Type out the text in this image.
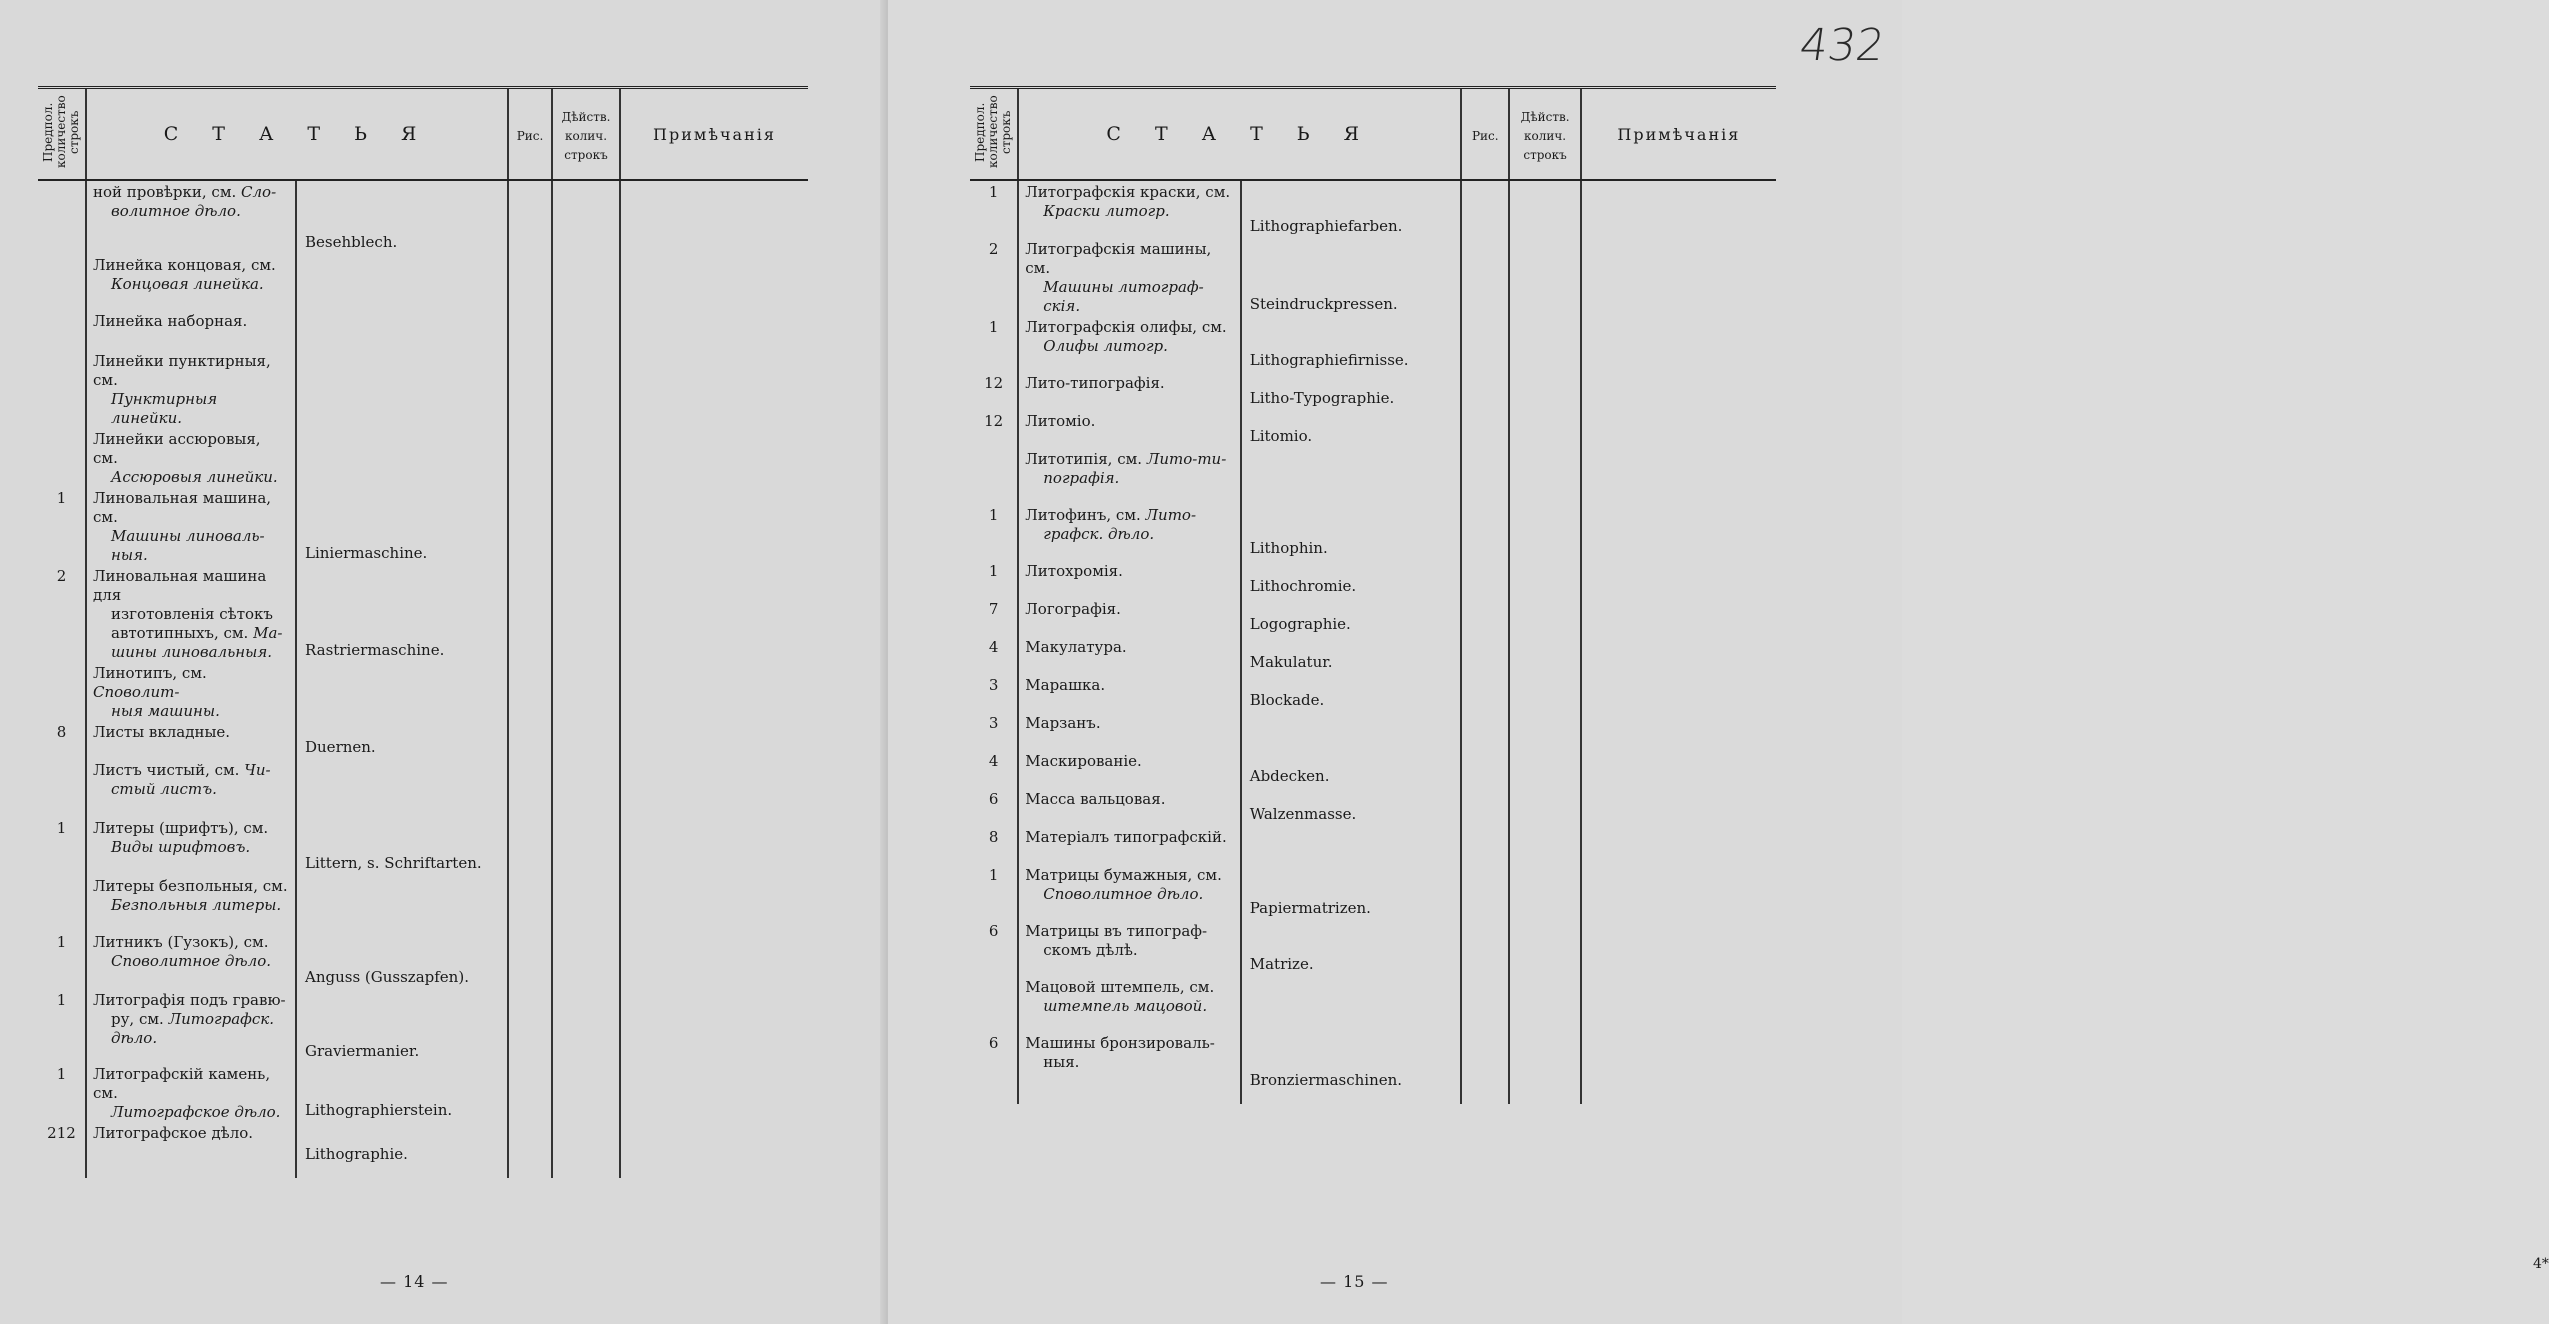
Предпол. количество строкъ	С Т А Т Ь Я		Рис.	Дѣйств. колич. строкъ	Примѣчанія

	ной провѣрки, см. Сло-
волитное дѣло.	Besehblech.			

	Линейка концовая, см.
Концовая линейка.				

	Линейка наборная.				

	Линейки пунктирныя, см.
Пунктирныя линейки.				

	Линейки ассюровыя, см.
Ассюровыя линейки.				

1	Линовальная машина, см.
Машины линоваль-
ныя.	Liniermaschine.			
2	Линовальная машина для
изготовленія сѣтокъ
автотипныхъ, см. Ма-
шины линовальныя.	Rastriermaschine.			

	Линотипъ, см. Споволит-
ныя машины.				

8	Листы вкладные.	Duernen.			

	Листъ чистый, см. Чи-
стый листъ.				

1	Литеры (шрифтъ), см.
Виды шрифтовъ.	Littern, s. Schriftarten.			

	Литеры безпольныя, см.
Безпольныя литеры.				

1	Литникъ (Гузокъ), см.
Споволитное дѣло.	Anguss (Gusszapfen).			
1	Литографія подъ гравю-
ру, см. Литографск.
дѣло.	Graviermanier.			
1	Литографскій камень, см.
Литографское дѣло.	Lithographierstein.			
212	Литографское дѣло.	Lithographie.			

— 14 —
Предпол. количество строкъ	С Т А Т Ь Я		Рис.	Дѣйств. колич. строкъ	Примѣчанія
1	Литографскія краски, см.
Краски литогр.	Lithographiefarben.			
2	Литографскія машины, см.
Машины литограф-
скія.	Steindruckpressen.			
1	Литографскія олифы, см.
Олифы литогр.	Lithographiefirnisse.			
12	Лито-типографія.	Litho-Typographie.			
12	Литоміо.	Litomio.			

	Литотипія, см. Лито-ти-
пографія.				

1	Литофинъ, см. Лито-
графск. дѣло.	Lithophin.			
1	Литохромія.	Lithochromie.			
7	Логографія.	Logographie.			
4	Макулатура.	Makulatur.			
3	Марашка.	Blockade.			
3	Марзанъ.				

4	Маскированіе.	Abdecken.			
6	Масса вальцовая.	Walzenmasse.			
8	Матеріалъ типографскій.				

1	Матрицы бумажныя, см.
Споволитное дѣло.	Papiermatrizen.			
6	Матрицы въ типограф-
скомъ дѣлѣ.	Matrize.			

	Мацовой штемпель, см.
штемпель мацовой.				

6	Машины бронзироваль-
ныя.	Bronziermaschinen.			

— 15 —
432
4*
